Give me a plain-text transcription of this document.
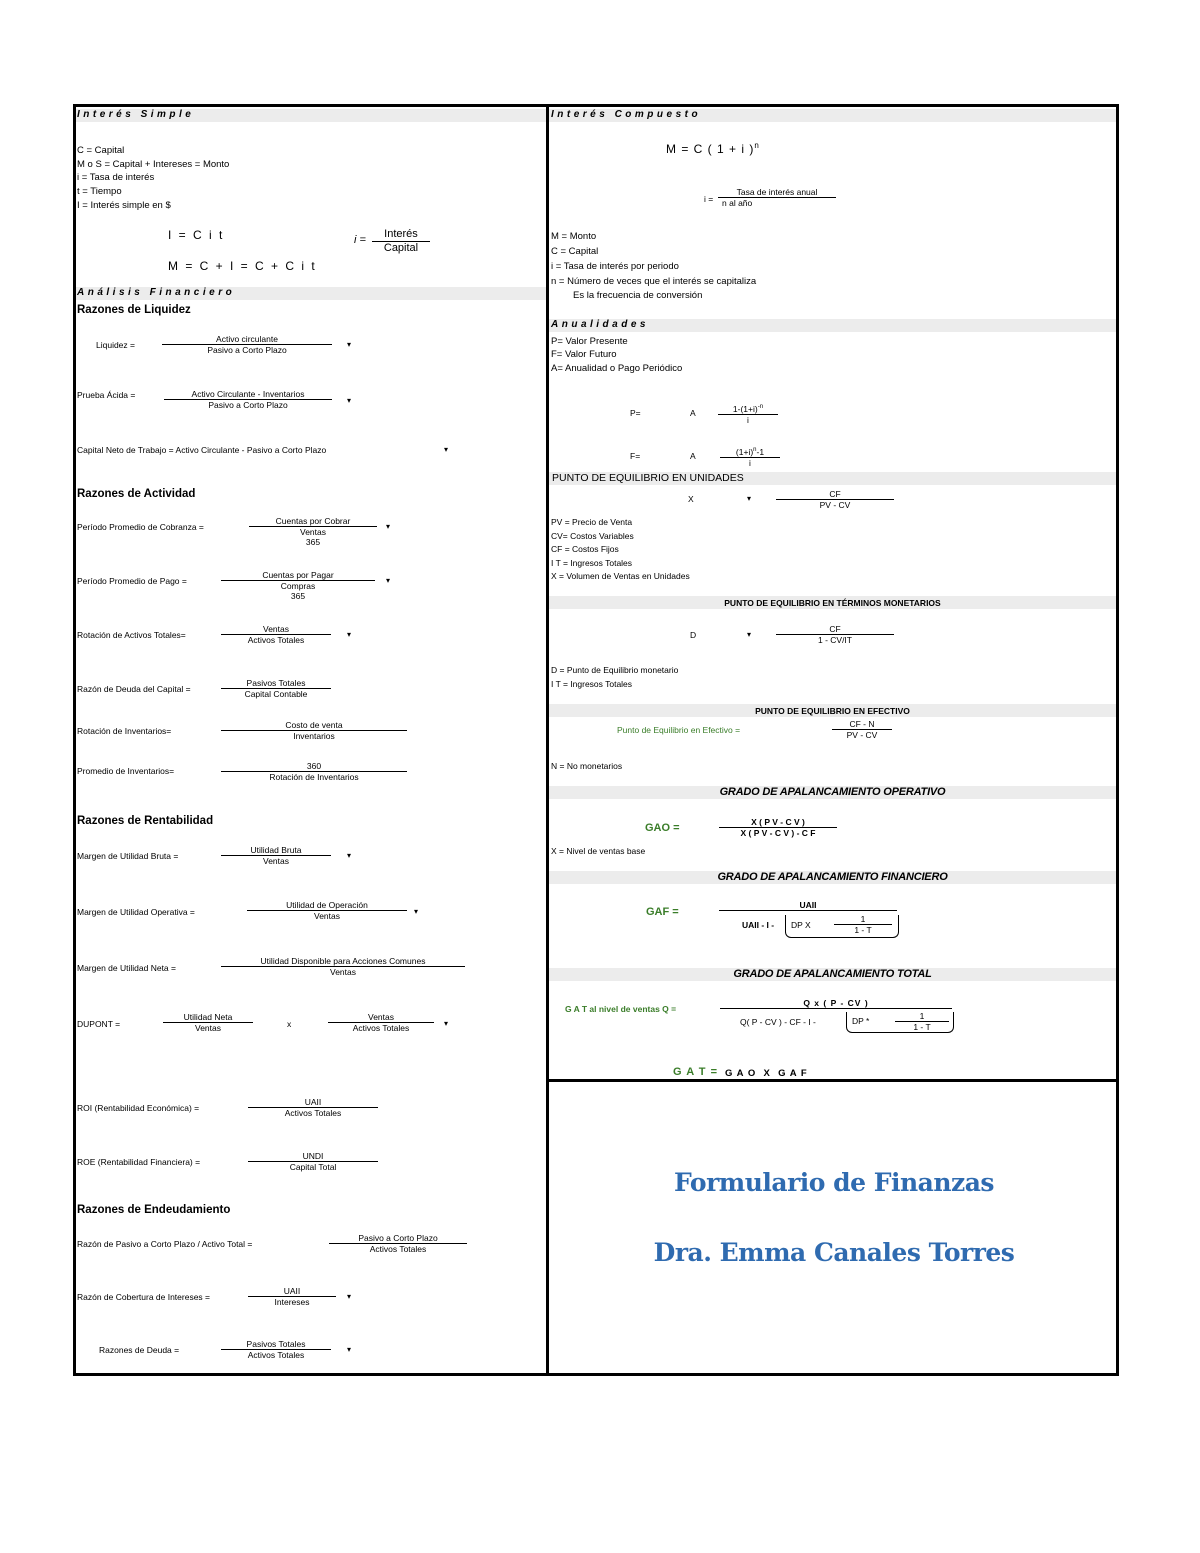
Interés Simple
C = Capital
M o S = Capital + Intereses = Monto
i = Tasa de interés
t = Tiempo
I = Interés simple en $
I = C i t	i =	Interés
Capital
M = C + I = C + C i t
Análisis Financiero
Razones de Liquidez
Liquidez =
Activo circulante
Pasivo a Corto Plazo
▾
Prueba Ácida =	Activo Circulante - Inventarios
Pasivo a Corto Plazo	▾
Capital Neto de Trabajo = Activo Circulante - Pasivo a Corto Plazo	▾
Razones de Actividad
Período Promedio de Cobranza =
Cuentas por Cobrar
Ventas
365
▾
Período Promedio de Pago =
Cuentas por Pagar
Compras
365
▾
Rotación de Activos Totales=
Ventas
Activos Totales
▾
Razón de Deuda del Capital =
Pasivos Totales
Capital Contable
Rotación de Inventarios=
Costo de venta
Inventarios
Promedio de Inventarios=	360
Rotación de Inventarios
Razones de Rentabilidad
Margen de Utilidad Bruta =
Utilidad Bruta
Ventas
▾
Margen de Utilidad Operativa =
Utilidad de Operación
Ventas	▾
Margen de Utilidad Neta =
Utilidad Disponible para Acciones Comunes
Ventas
DUPONT =
Utilidad Neta
Ventas	x
Ventas
Activos Totales	▾
ROI (Rentabilidad Económica) =
UAII
Activos Totales
ROE (Rentabilidad Financiera) =
UNDI
Capital Total
Razones de Endeudamiento
Razón de Pasivo a Corto Plazo / Activo Total =
Pasivo a Corto Plazo
Activos Totales
Razón de Cobertura de Intereses =
UAII
Intereses
▾
Razones de Deuda =
Pasivos Totales
Activos Totales
▾
Interés Compuesto
M = C ( 1 + i )$^n$
i =
Tasa de interés anual
n al año
M = Monto
C = Capital
i = Tasa de interés por periodo
n = Número de veces que el interés se capitaliza
Es la frecuencia de conversión
Anualidades
P= Valor Presente
F= Valor Futuro
A= Anualidad o Pago Periódico
P=	A	$\frac{1-(1+i)^{-n}}{i}$
F=	A	$\frac{(1+i)^n-1}{i}$
PUNTO DE EQUILIBRIO EN UNIDADES
X	▾	$\frac{CF}{PV - CV}$
PV = Precio de Venta
CV= Costos Variables
CF = Costos Fijos
I T = Ingresos Totales
X = Volumen de Ventas en Unidades
PUNTO DE EQUILIBRIO EN TÉRMINOS MONETARIOS
D	▾	$\frac{CF}{1 - CV/IT}$
D = Punto de Equilibrio monetario
I T = Ingresos Totales
PUNTO DE EQUILIBRIO EN EFECTIVO
Punto de Equilibrio en Efectivo =	$\frac{CF - N}{PV - CV}$
N = No monetarios
GRADO DE APALANCAMIENTO OPERATIVO
GAO =	$\frac{\text{X ( P V - C V )}}{\text{X ( P V - C V ) - C F}}$
X = Nivel de ventas base
GRADO DE APALANCAMIENTO FINANCIERO
GAF =
UAII
UAII - I - DP X	$\frac{1}{1 - T}$
GRADO DE APALANCAMIENTO TOTAL
G A T al nivel de ventas Q =
Q x ( P - CV )
Q( P - CV ) - CF - I -	DP *	$\frac{1}{1 - T}$
G A T = G A O  X  G A F
Formulario de Finanzas
Dra. Emma Canales Torres
